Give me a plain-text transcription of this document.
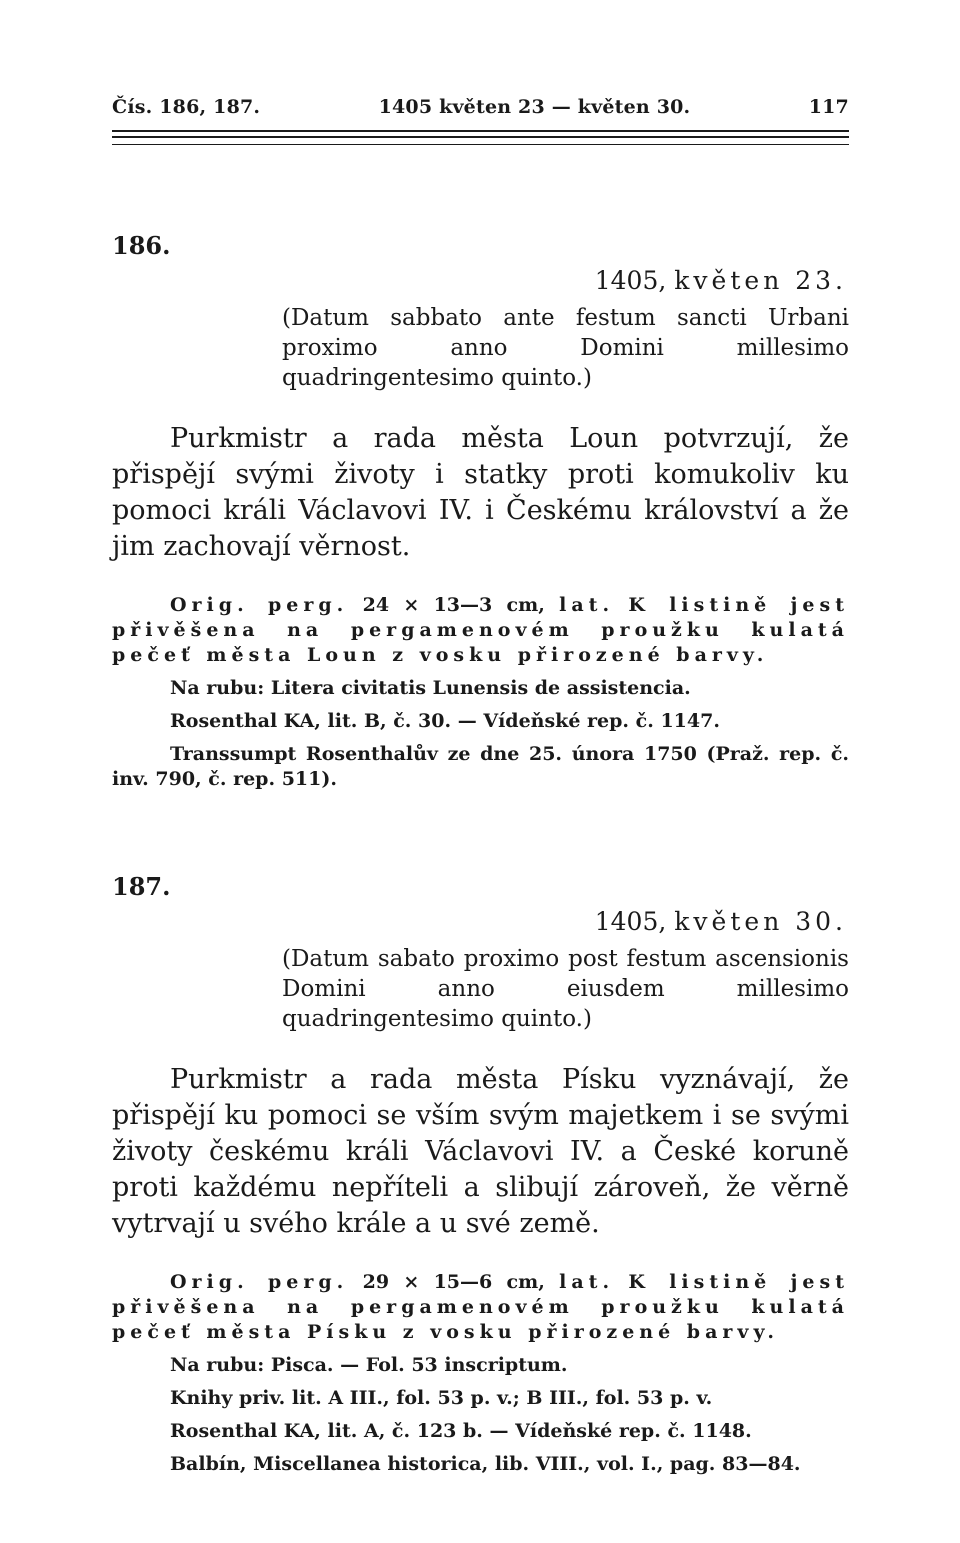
Čís. 186, 187.	1405 květen 23 — květen 30.	117
186.
1405, květen 23.

(Datum sabbato ante festum sancti Urbani proximo anno Domini millesimo quadringentesimo quinto.)

Purkmistr a rada města Loun potvrzují, že přispějí svými životy i statky proti komukoliv ku pomoci králi Václavovi IV. i Českému království a že jim zachovají věrnost.

Orig. perg. 24 × 13—3 cm, lat. K listině jest přivěšena na pergamenovém proužku kulatá pečeť města Loun z vosku přirozené barvy.

Na rubu: Litera civitatis Lunensis de assistencia.

Rosenthal KA, lit. B, č. 30. — Vídeňské rep. č. 1147.

Transsumpt Rosenthalův ze dne 25. února 1750 (Praž. rep. č. inv. 790, č. rep. 511).

187.
1405, květen 30.

(Datum sabato proximo post festum ascensionis Domini anno eiusdem millesimo quadringentesimo quinto.)

Purkmistr a rada města Písku vyznávají, že přispějí ku pomoci se vším svým majetkem i se svými životy českému králi Václavovi IV. a České koruně proti každému nepříteli a slibují zároveň, že věrně vytrvají u svého krále a u své země.

Orig. perg. 29 × 15—6 cm, lat. K listině jest přivěšena na pergamenovém proužku kulatá pečeť města Písku z vosku přirozené barvy.

Na rubu: Pisca. — Fol. 53 inscriptum.

Knihy priv. lit. A III., fol. 53 p. v.; B III., fol. 53 p. v.

Rosenthal KA, lit. A, č. 123 b. — Vídeňské rep. č. 1148.

Balbín, Miscellanea historica, lib. VIII., vol. I., pag. 83—84.
